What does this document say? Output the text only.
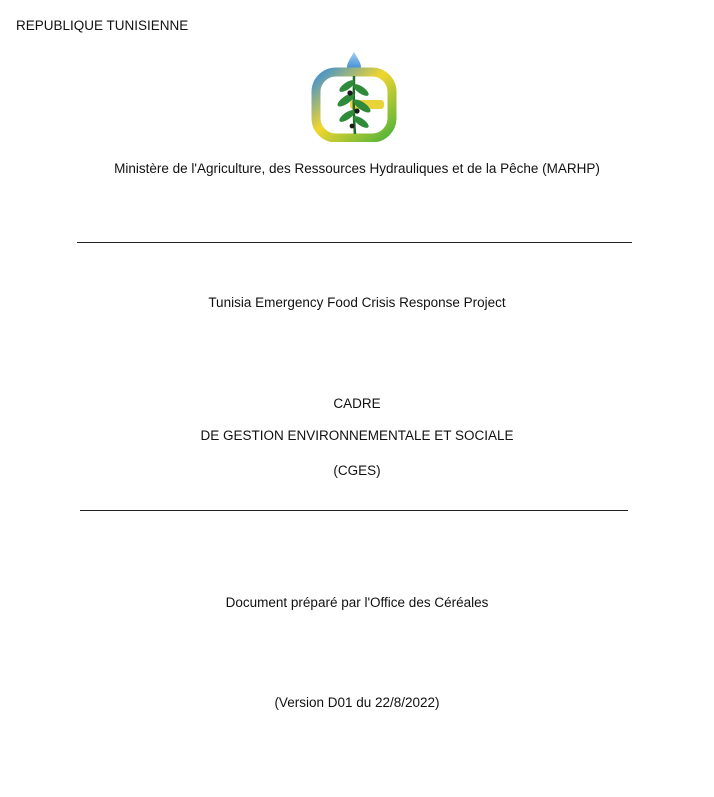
REPUBLIQUE TUNISIENNE
Ministère de l'Agriculture, des Ressources Hydrauliques et de la Pêche (MARHP)
Tunisia Emergency Food Crisis Response Project
CADRE
DE GESTION ENVIRONNEMENTALE ET SOCIALE
(CGES)
Document préparé par l'Office des Céréales
(Version D01 du 22/8/2022)
